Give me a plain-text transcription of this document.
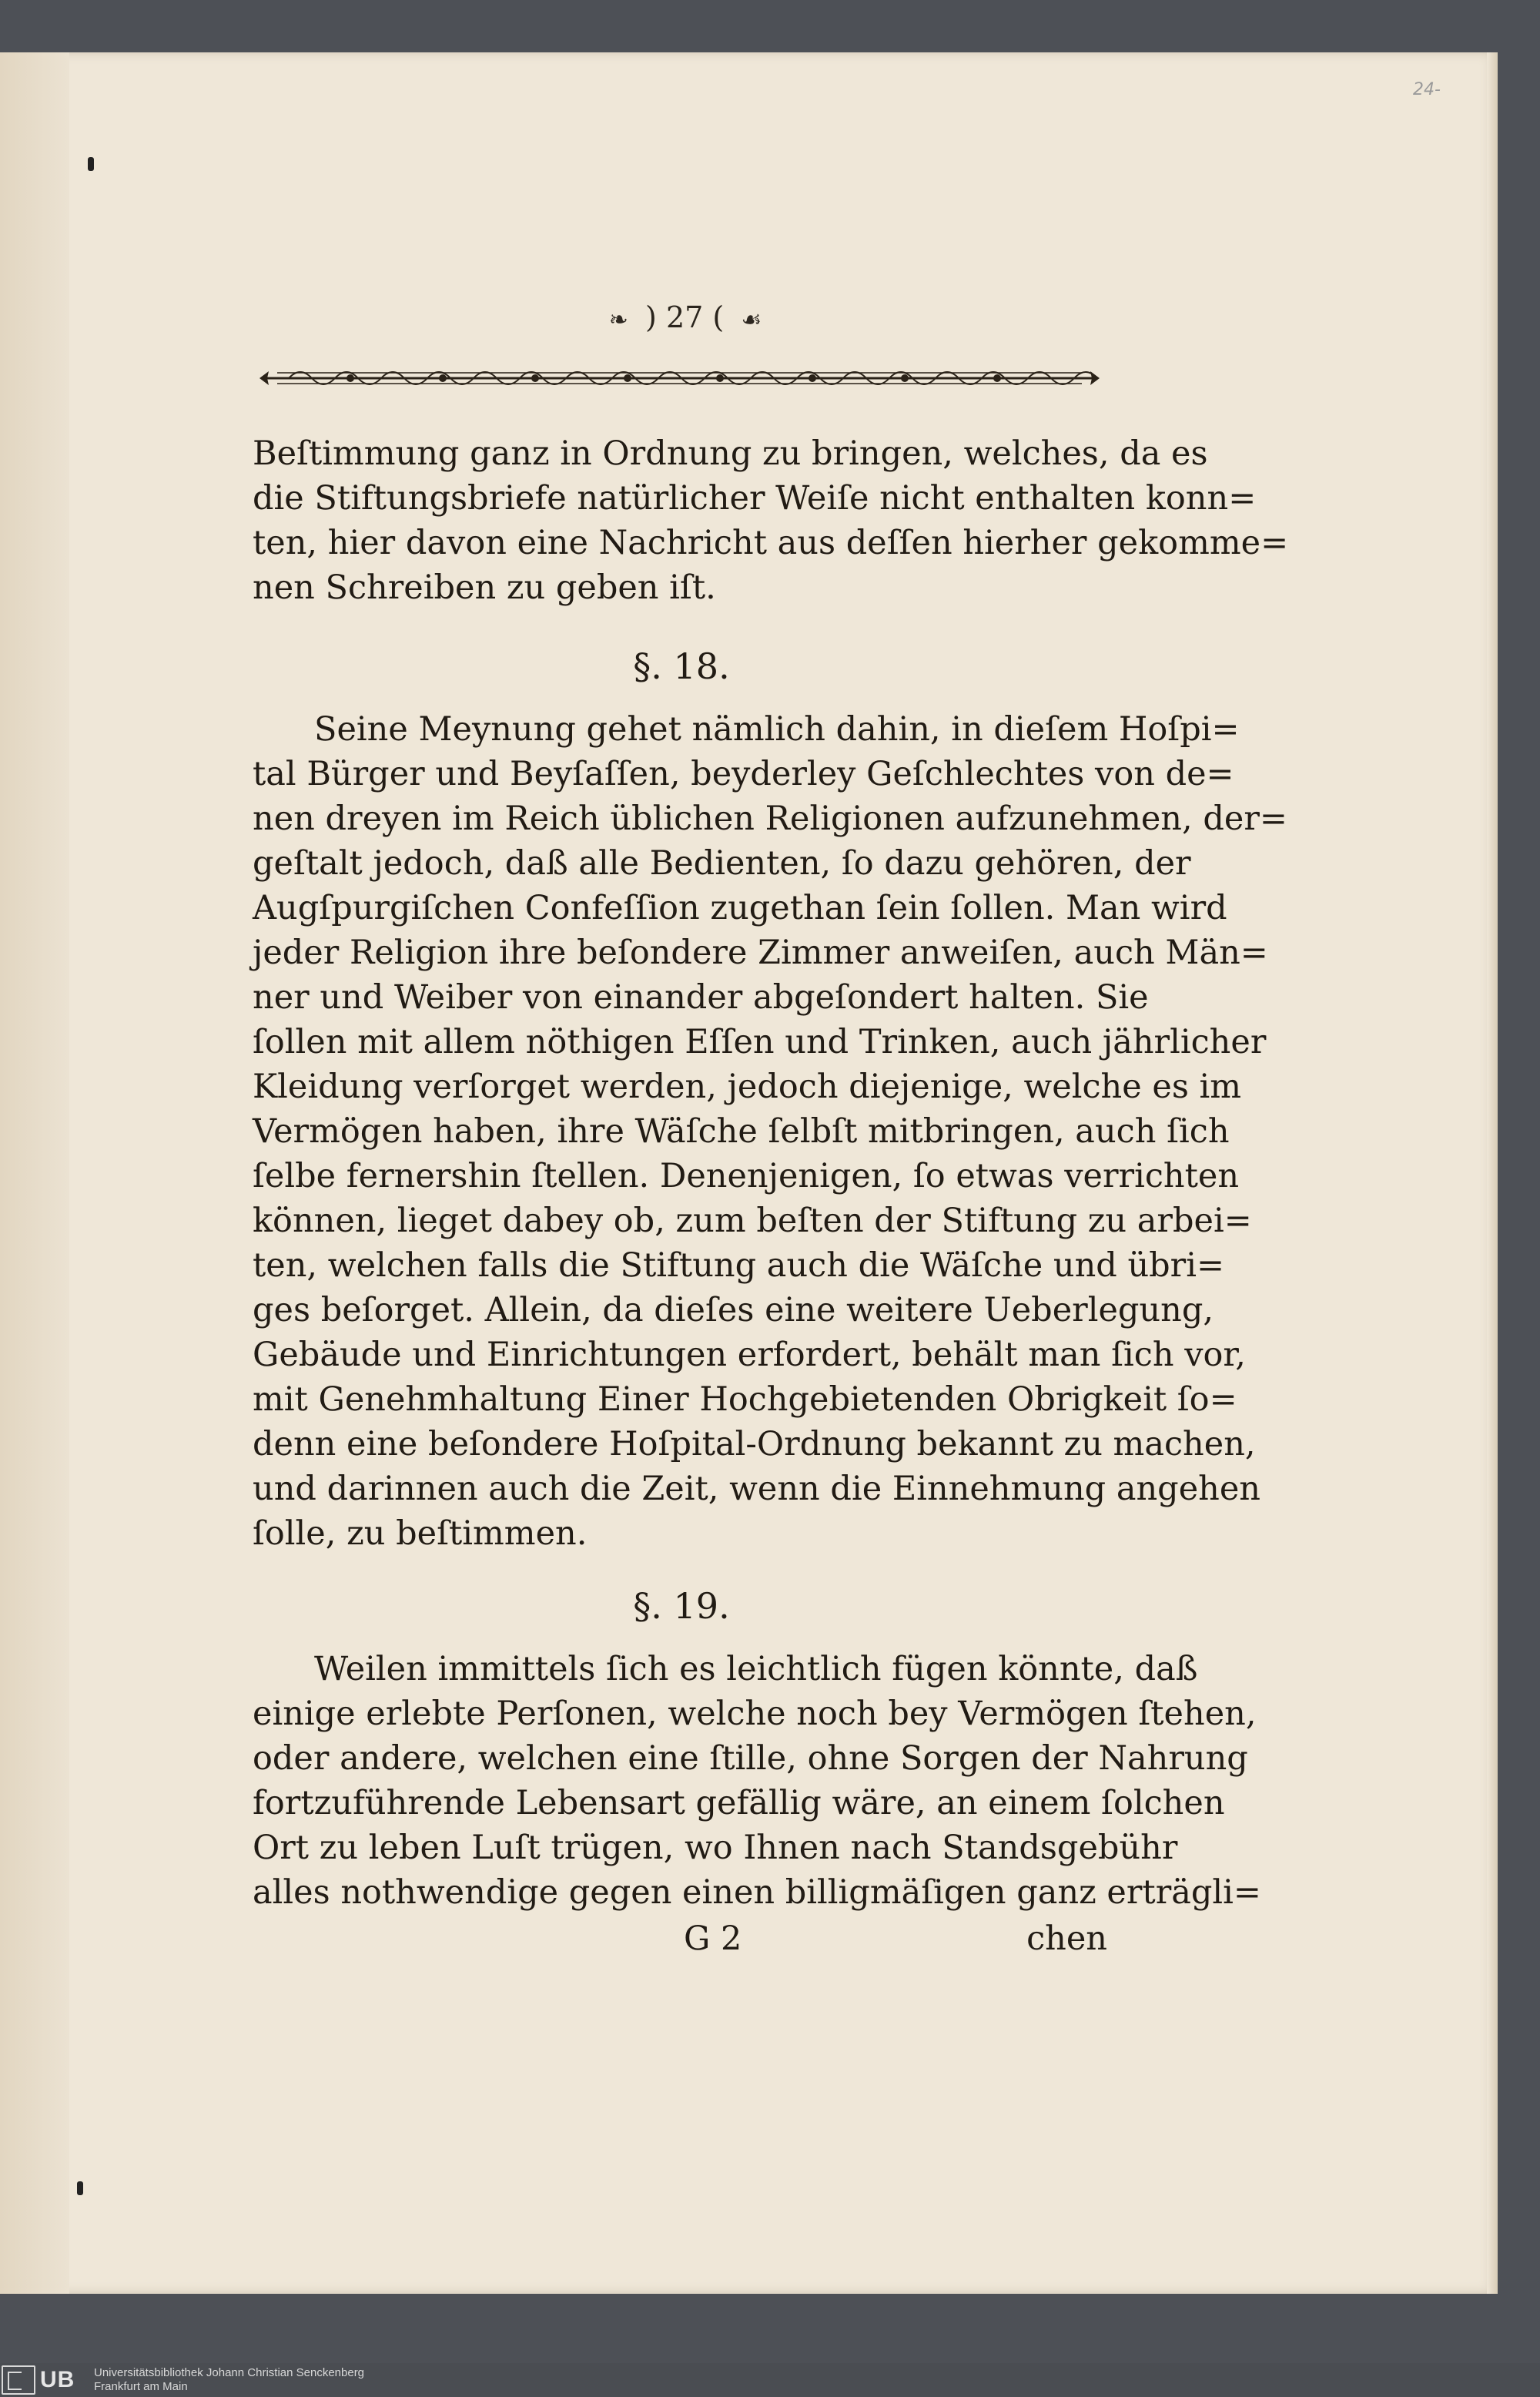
24-
❧ ) 27 ( ☙

Beſtimmung ganz in Ordnung zu bringen, welches, da es

die Stiftungsbriefe natürlicher Weiſe nicht enthalten konn=

ten, hier davon eine Nachricht aus deſſen hierher gekomme=

nen Schreiben zu geben iſt.

§. 18.

Seine Meynung gehet nämlich dahin, in dieſem Hoſpi=

tal Bürger und Beyſaſſen, beyderley Geſchlechtes von de=

nen dreyen im Reich üblichen Religionen aufzunehmen, der=

geſtalt jedoch, daß alle Bedienten, ſo dazu gehören, der

Augſpurgiſchen Confeſſion zugethan ſein ſollen. Man wird

jeder Religion ihre beſondere Zimmer anweiſen, auch Män=

ner und Weiber von einander abgeſondert halten. Sie

ſollen mit allem nöthigen Eſſen und Trinken, auch jährlicher

Kleidung verſorget werden, jedoch diejenige, welche es im

Vermögen haben, ihre Wäſche ſelbſt mitbringen, auch ſich

ſelbe fernershin ſtellen. Denenjenigen, ſo etwas verrichten

können, lieget dabey ob, zum beſten der Stiftung zu arbei=

ten, welchen falls die Stiftung auch die Wäſche und übri=

ges beſorget. Allein, da dieſes eine weitere Ueberlegung,

Gebäude und Einrichtungen erfordert, behält man ſich vor,

mit Genehmhaltung Einer Hochgebietenden Obrigkeit ſo=

denn eine beſondere Hoſpital-Ordnung bekannt zu machen,

und darinnen auch die Zeit, wenn die Einnehmung angehen

ſolle, zu beſtimmen.

§. 19.

Weilen immittels ſich es leichtlich fügen könnte, daß

einige erlebte Perſonen, welche noch bey Vermögen ſtehen,

oder andere, welchen eine ſtille, ohne Sorgen der Nahrung

fortzuführende Lebensart gefällig wäre, an einem ſolchen

Ort zu leben Luſt trügen, wo Ihnen nach Standsgebühr

alles nothwendige gegen einen billigmäſigen ganz erträgli=

G 2	chen
UB Universitätsbibliothek Johann Christian Senckenberg
Frankfurt am Main
